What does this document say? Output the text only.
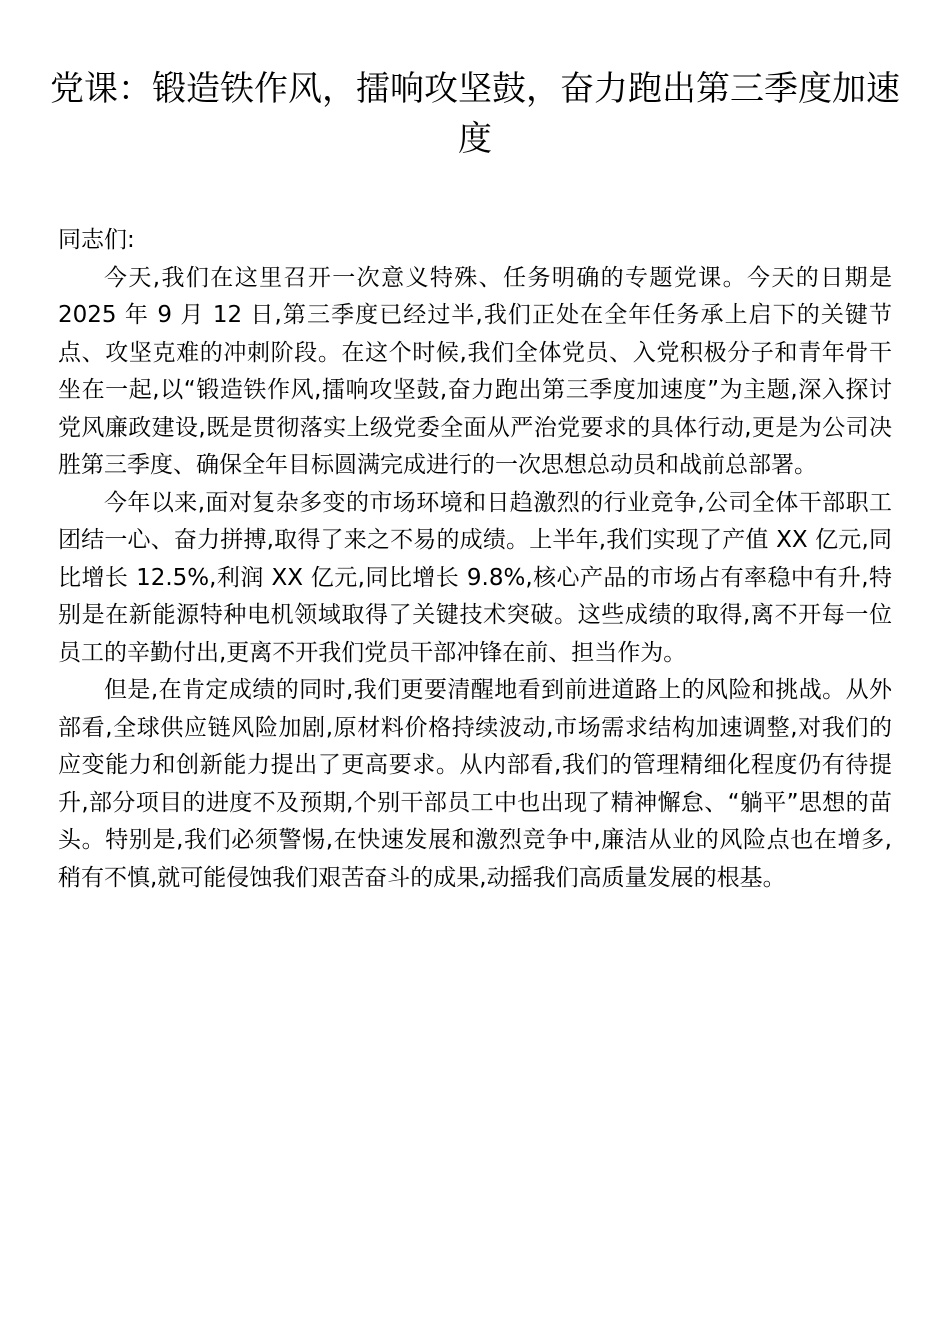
党课：锻造铁作风，擂响攻坚鼓，奋力跑出第三季度加速度

同志们:

今天,我们在这里召开一次意义特殊、任务明确的专题党课。今天的日期是 2025 年 9 月 12 日,第三季度已经过半,我们正处在全年任务承上启下的关键节点、攻坚克难的冲刺阶段。在这个时候,我们全体党员、入党积极分子和青年骨干坐在一起,以“锻造铁作风,擂响攻坚鼓,奋力跑出第三季度加速度”为主题,深入探讨党风廉政建设,既是贯彻落实上级党委全面从严治党要求的具体行动,更是为公司决胜第三季度、确保全年目标圆满完成进行的一次思想总动员和战前总部署。

今年以来,面对复杂多变的市场环境和日趋激烈的行业竞争,公司全体干部职工团结一心、奋力拼搏,取得了来之不易的成绩。上半年,我们实现了产值 XX 亿元,同比增长 12.5%,利润 XX 亿元,同比增长 9.8%,核心产品的市场占有率稳中有升,特别是在新能源特种电机领域取得了关键技术突破。这些成绩的取得,离不开每一位员工的辛勤付出,更离不开我们党员干部冲锋在前、担当作为。

但是,在肯定成绩的同时,我们更要清醒地看到前进道路上的风险和挑战。从外部看,全球供应链风险加剧,原材料价格持续波动,市场需求结构加速调整,对我们的应变能力和创新能力提出了更高要求。从内部看,我们的管理精细化程度仍有待提升,部分项目的进度不及预期,个别干部员工中也出现了精神懈怠、“躺平”思想的苗头。特别是,我们必须警惕,在快速发展和激烈竞争中,廉洁从业的风险点也在增多,稍有不慎,就可能侵蚀我们艰苦奋斗的成果,动摇我们高质量发展的根基。
